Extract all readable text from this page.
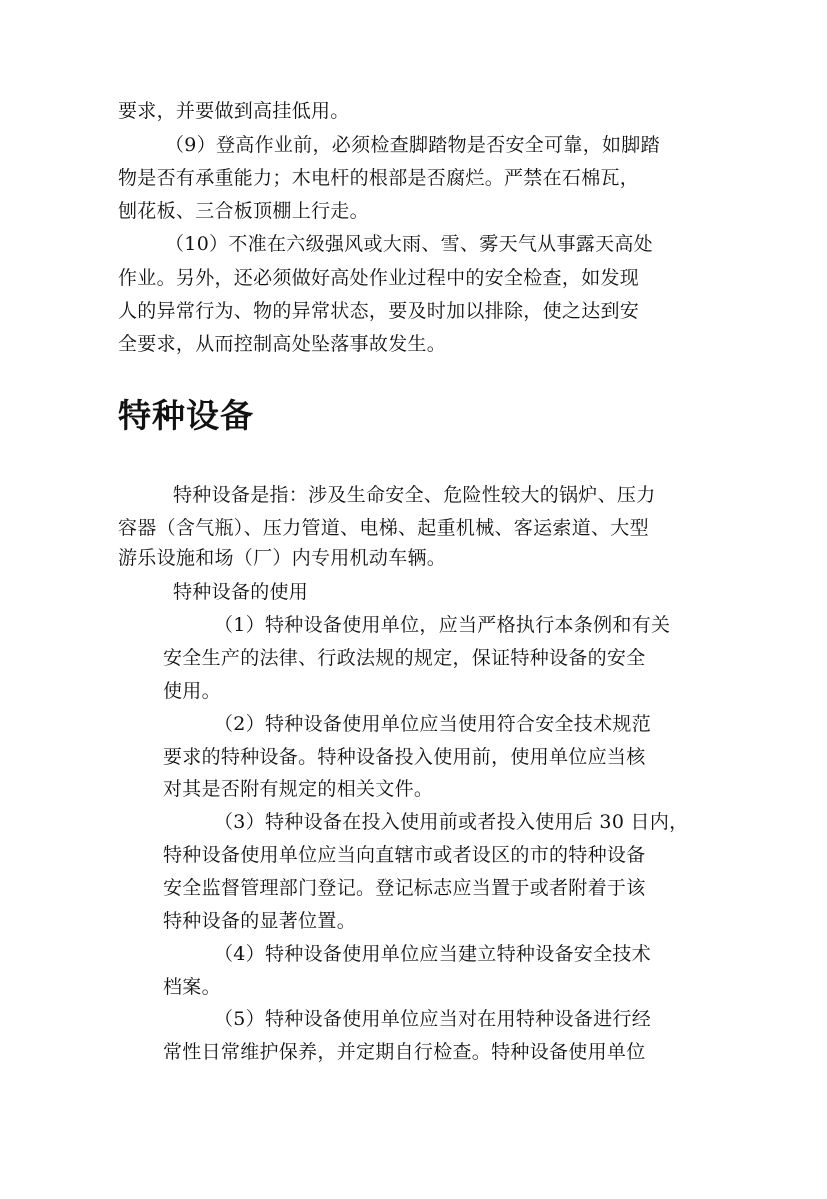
要求，并要做到高挂低用。
（9）登高作业前，必须检查脚踏物是否安全可靠，如脚踏
物是否有承重能力；木电杆的根部是否腐烂。严禁在石棉瓦，
刨花板、三合板顶棚上行走。
（10）不准在六级强风或大雨、雪、雾天气从事露天高处
作业。另外，还必须做好高处作业过程中的安全检查，如发现
人的异常行为、物的异常状态，要及时加以排除，使之达到安
全要求，从而控制高处坠落事故发生。
特种设备
特种设备是指：涉及生命安全、危险性较大的锅炉、压力
容器（含气瓶）、压力管道、电梯、起重机械、客运索道、大型
游乐设施和场（厂）内专用机动车辆。
特种设备的使用
（1）特种设备使用单位，应当严格执行本条例和有关
安全生产的法律、行政法规的规定，保证特种设备的安全
使用。
（2）特种设备使用单位应当使用符合安全技术规范
要求的特种设备。特种设备投入使用前，使用单位应当核
对其是否附有规定的相关文件。
（3）特种设备在投入使用前或者投入使用后 30 日内，
特种设备使用单位应当向直辖市或者设区的市的特种设备
安全监督管理部门登记。登记标志应当置于或者附着于该
特种设备的显著位置。
（4）特种设备使用单位应当建立特种设备安全技术
档案。
（5）特种设备使用单位应当对在用特种设备进行经
常性日常维护保养，并定期自行检查。特种设备使用单位
